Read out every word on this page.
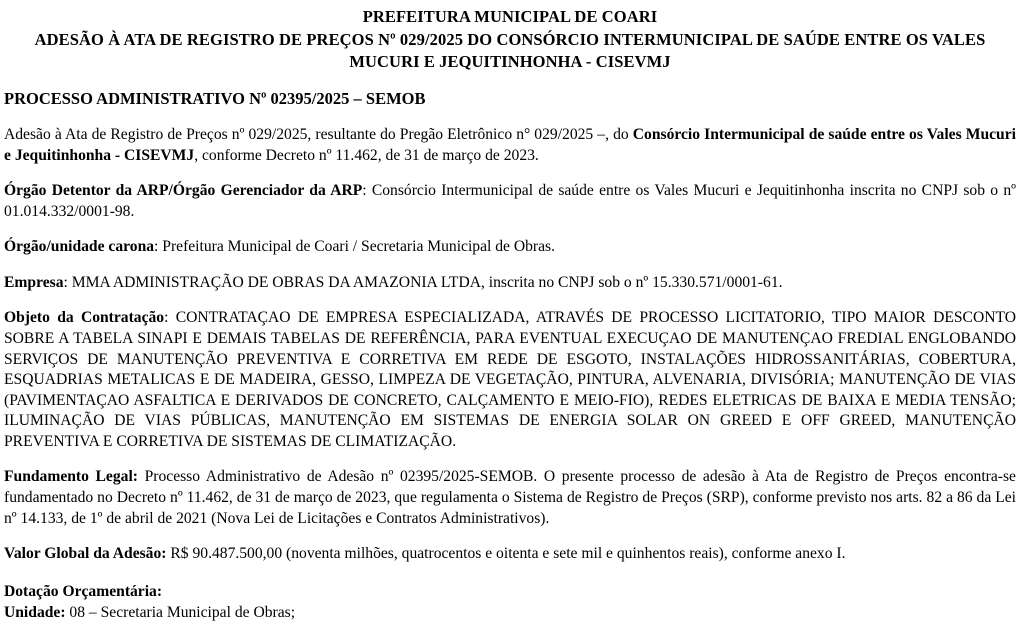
PREFEITURA MUNICIPAL DE COARI
ADESÃO À ATA DE REGISTRO DE PREÇOS Nº 029/2025 DO CONSÓRCIO INTERMUNICIPAL DE SAÚDE ENTRE OS VALES MUCURI E JEQUITINHONHA - CISEVMJ
PROCESSO ADMINISTRATIVO Nº 02395/2025 – SEMOB

Adesão à Ata de Registro de Preços nº 029/2025, resultante do Pregão Eletrônico n° 029/2025 –, do Consórcio Intermunicipal de saúde entre os Vales Mucuri e Jequitinhonha - CISEVMJ, conforme Decreto nº 11.462, de 31 de março de 2023.

Órgão Detentor da ARP/Órgão Gerenciador da ARP: Consórcio Intermunicipal de saúde entre os Vales Mucuri e Jequitinhonha inscrita no CNPJ sob o nº 01.014.332/0001-98.

Órgão/unidade carona: Prefeitura Municipal de Coari / Secretaria Municipal de Obras.

Empresa: MMA ADMINISTRAÇÃO DE OBRAS DA AMAZONIA LTDA, inscrita no CNPJ sob o nº 15.330.571/0001-61.

Objeto da Contratação: CONTRATAÇAO DE EMPRESA ESPECIALIZADA, ATRAVÉS DE PROCESSO LICITATORIO, TIPO MAIOR DESCONTO SOBRE A TABELA SINAPI E DEMAIS TABELAS DE REFERÊNCIA, PARA EVENTUAL EXECUÇAO DE MANUTENÇAO FREDIAL ENGLOBANDO SERVIÇOS DE MANUTENÇÃO PREVENTIVA E CORRETIVA EM REDE DE ESGOTO, INSTALAÇÕES HIDROSSANITÁRIAS, COBERTURA, ESQUADRIAS METALICAS E DE MADEIRA, GESSO, LIMPEZA DE VEGETAÇÃO, PINTURA, ALVENARIA, DIVISÓRIA; MANUTENÇÃO DE VIAS (PAVIMENTAÇAO ASFALTICA E DERIVADOS DE CONCRETO, CALÇAMENTO E MEIO-FIO), REDES ELETRICAS DE BAIXA E MEDIA TENSÃO; ILUMINAÇÃO DE VIAS PÚBLICAS, MANUTENÇÃO EM SISTEMAS DE ENERGIA SOLAR ON GREED E OFF GREED, MANUTENÇÃO PREVENTIVA E CORRETIVA DE SISTEMAS DE CLIMATIZAÇÃO.

Fundamento Legal: Processo Administrativo de Adesão nº 02395/2025-SEMOB. O presente processo de adesão à Ata de Registro de Preços encontra-se fundamentado no Decreto nº 11.462, de 31 de março de 2023, que regulamenta o Sistema de Registro de Preços (SRP), conforme previsto nos arts. 82 a 86 da Lei nº 14.133, de 1º de abril de 2021 (Nova Lei de Licitações e Contratos Administrativos).

Valor Global da Adesão: R$ 90.487.500,00 (noventa milhões, quatrocentos e oitenta e sete mil e quinhentos reais), conforme anexo I.

Dotação Orçamentária:
Unidade: 08 – Secretaria Municipal de Obras;
